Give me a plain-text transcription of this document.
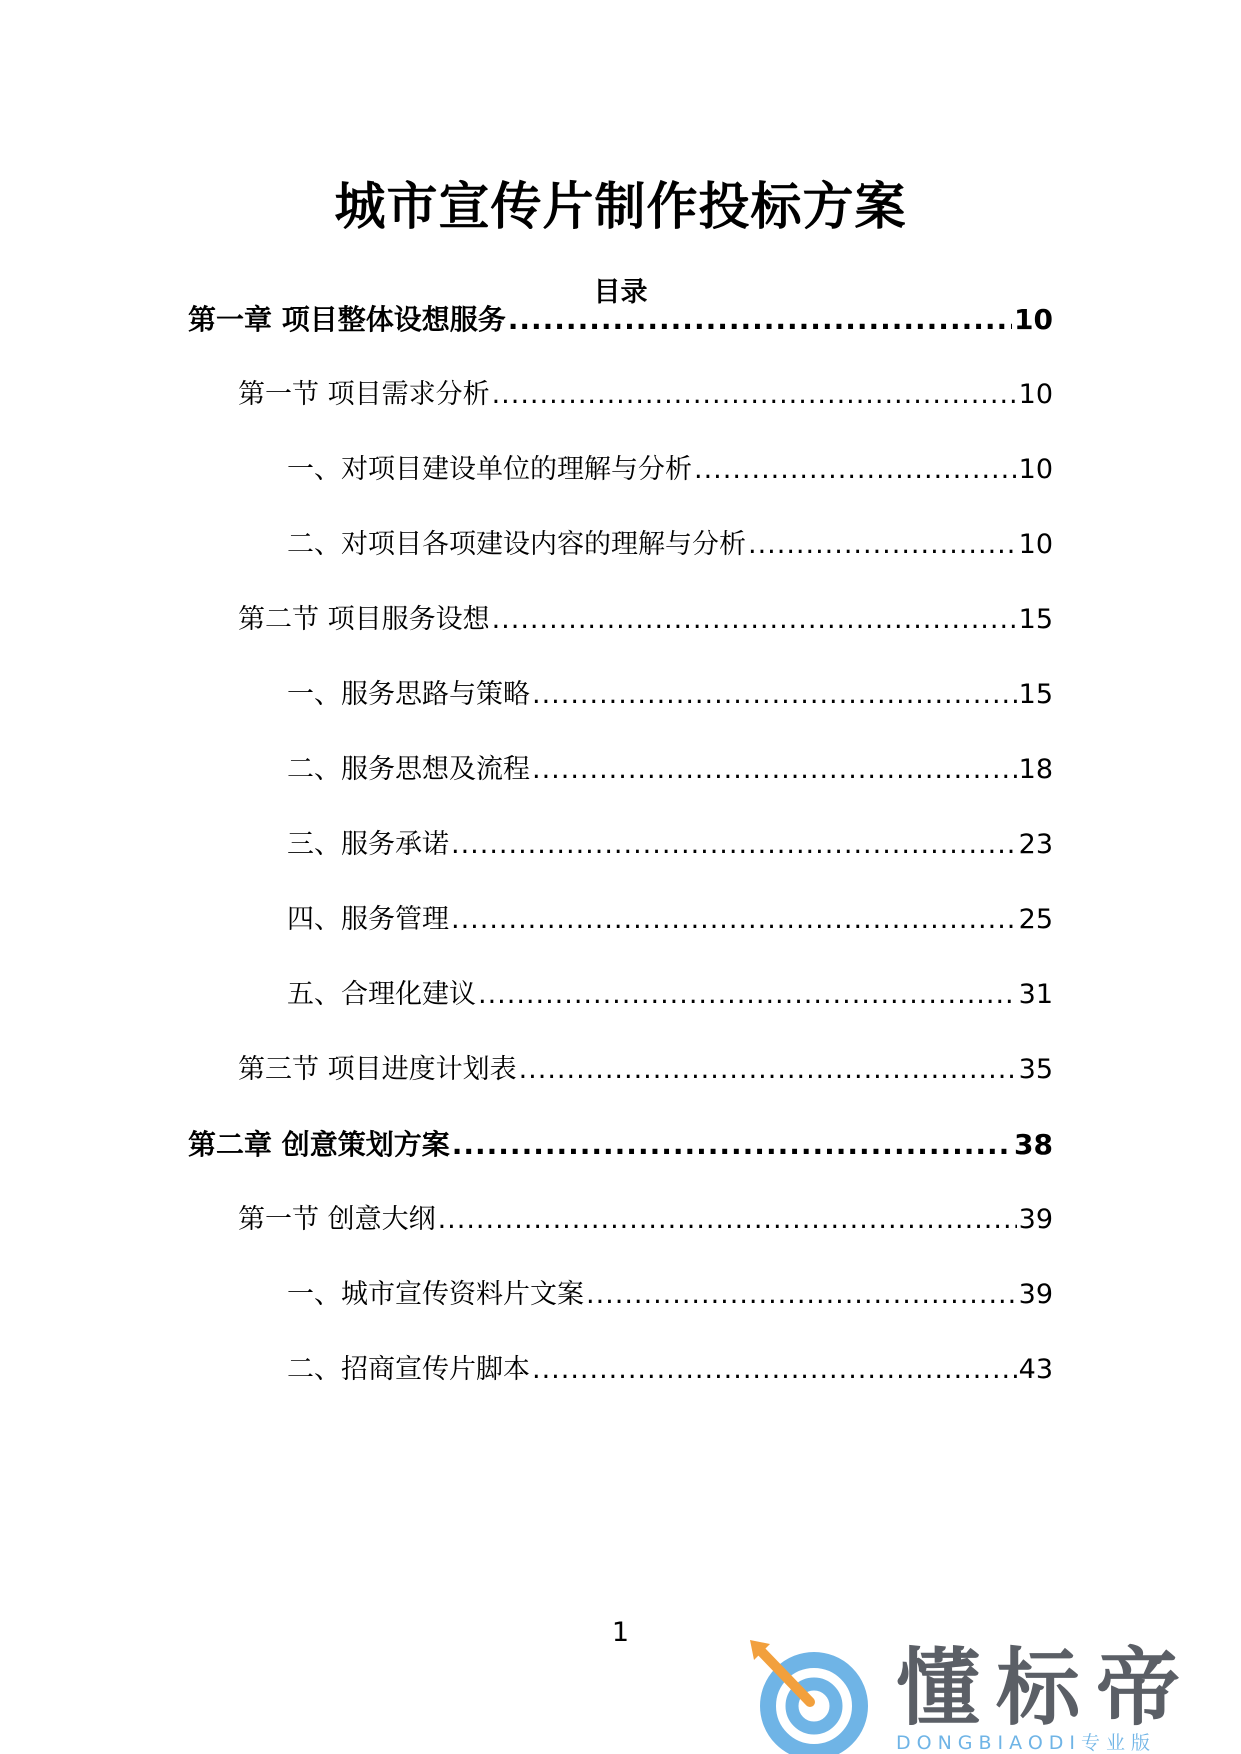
城市宣传片制作投标方案
目录
第一章 项目整体设想服务 .....	10
第一节 项目需求分析 .....	10
一、对项目建设单位的理解与分析 .....	10
二、对项目各项建设内容的理解与分析 .....	10
第二节 项目服务设想 .....	15
一、服务思路与策略 .....	15
二、服务思想及流程 .....	18
三、服务承诺 .....	23
四、服务管理 .....	25
五、合理化建议 .....	31
第三节 项目进度计划表 .....	35
第二章 创意策划方案 .....	38
第一节 创意大纲 .....	39
一、城市宣传资料片文案 .....	39
二、招商宣传片脚本 .....	43
1
懂标帝
DONGBIAODI专业版
